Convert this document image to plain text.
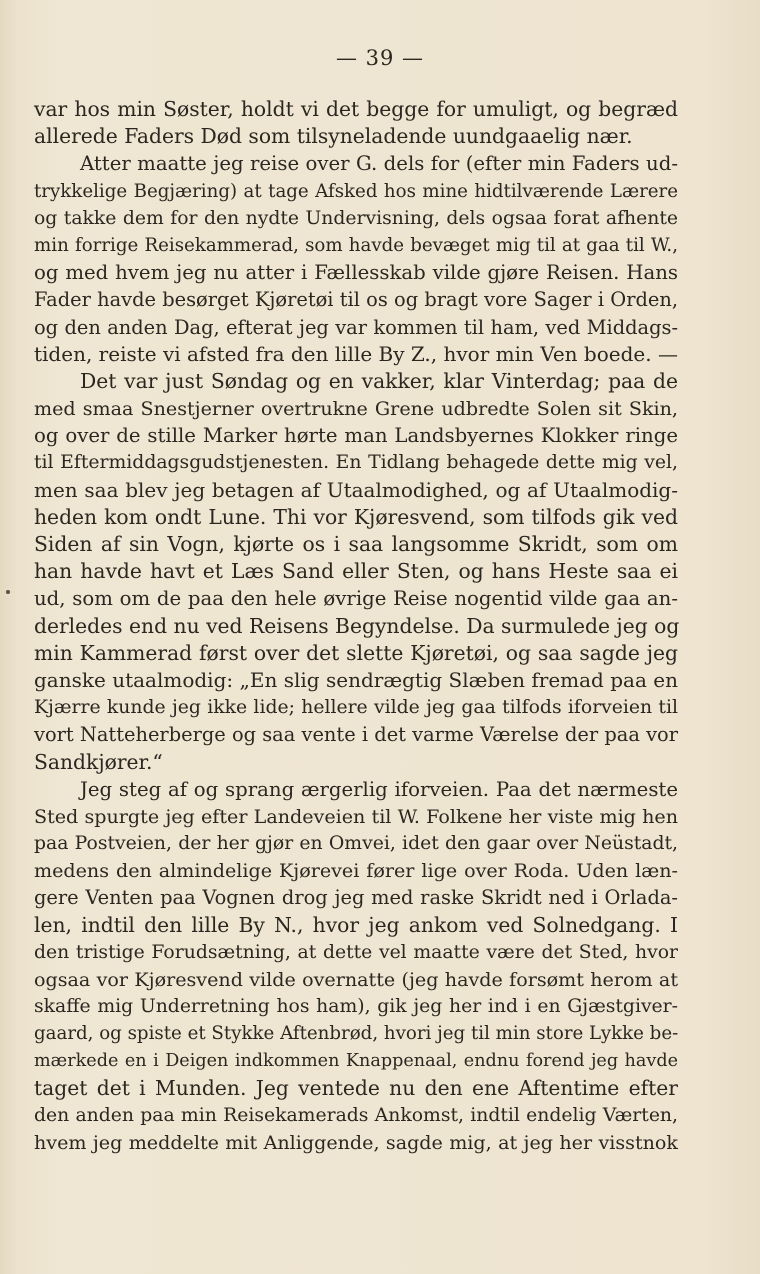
— 39 —
var hos min Søster, holdt vi det begge for umuligt, og begræd
allerede Faders Død som tilsyneladende uundgaaelig nær.
Atter maatte jeg reise over G. dels for (efter min Faders ud-
trykkelige Begjæring) at tage Afsked hos mine hidtilværende Lærere
og takke dem for den nydte Undervisning, dels ogsaa forat afhente
min forrige Reisekammerad, som havde bevæget mig til at gaa til W.,
og med hvem jeg nu atter i Fællesskab vilde gjøre Reisen. Hans
Fader havde besørget Kjøretøi til os og bragt vore Sager i Orden,
og den anden Dag, efterat jeg var kommen til ham, ved Middags-
tiden, reiste vi afsted fra den lille By Z., hvor min Ven boede. —
Det var just Søndag og en vakker, klar Vinterdag; paa de
med smaa Snestjerner overtrukne Grene udbredte Solen sit Skin,
og over de stille Marker hørte man Landsbyernes Klokker ringe
til Eftermiddagsgudstjenesten. En Tidlang behagede dette mig vel,
men saa blev jeg betagen af Utaalmodighed, og af Utaalmodig-
heden kom ondt Lune. Thi vor Kjøresvend, som tilfods gik ved
Siden af sin Vogn, kjørte os i saa langsomme Skridt, som om
han havde havt et Læs Sand eller Sten, og hans Heste saa ei
ud, som om de paa den hele øvrige Reise nogentid vilde gaa an-
derledes end nu ved Reisens Begyndelse. Da surmulede jeg og
min Kammerad først over det slette Kjøretøi, og saa sagde jeg
ganske utaalmodig: „En slig sendrægtig Slæben fremad paa en
Kjærre kunde jeg ikke lide; hellere vilde jeg gaa tilfods iforveien til
vort Natteherberge og saa vente i det varme Værelse der paa vor
Sandkjører.“
Jeg steg af og sprang ærgerlig iforveien. Paa det nærmeste
Sted spurgte jeg efter Landeveien til W. Folkene her viste mig hen
paa Postveien, der her gjør en Omvei, idet den gaar over Neüstadt,
medens den almindelige Kjørevei fører lige over Roda. Uden læn-
gere Venten paa Vognen drog jeg med raske Skridt ned i Orlada-
len, indtil den lille By N., hvor jeg ankom ved Solnedgang. I
den tristige Forudsætning, at dette vel maatte være det Sted, hvor
ogsaa vor Kjøresvend vilde overnatte (jeg havde forsømt herom at
skaffe mig Underretning hos ham), gik jeg her ind i en Gjæstgiver-
gaard, og spiste et Stykke Aftenbrød, hvori jeg til min store Lykke be-
mærkede en i Deigen indkommen Knappenaal, endnu forend jeg havde
taget det i Munden. Jeg ventede nu den ene Aftentime efter
den anden paa min Reisekamerads Ankomst, indtil endelig Værten,
hvem jeg meddelte mit Anliggende, sagde mig, at jeg her visstnok
